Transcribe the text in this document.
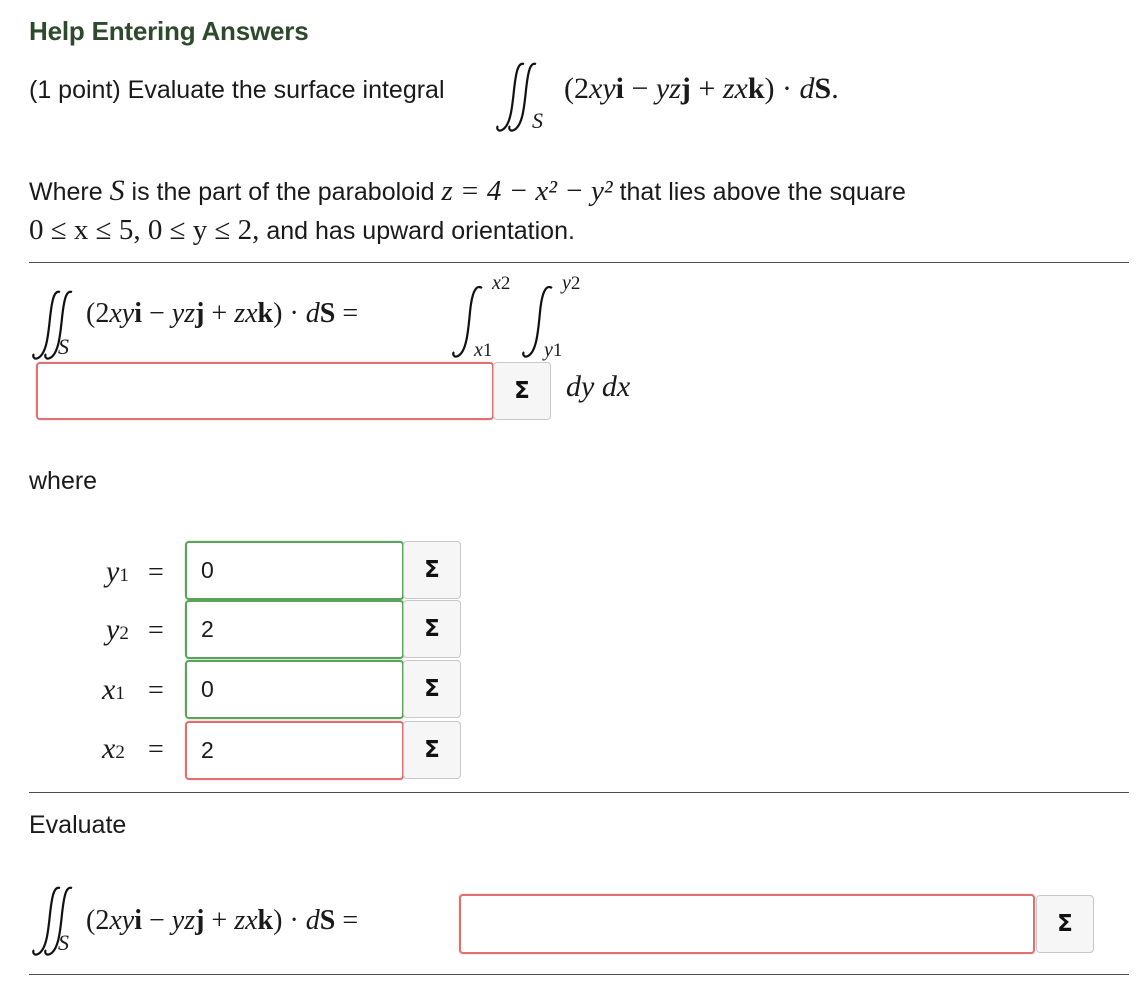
Help Entering Answers
(1 point) Evaluate the surface integral
S
(2xyi − yzj + zxk) · dS.
Where S is the part of the paraboloid z = 4 − x² − y² that lies above the square
0 ≤ x ≤ 5, 0 ≤ y ≤ 2, and has upward orientation.
S
(2xyi − yzj + zxk) · dS =
x2
x1
y2
y1
Σ	dy dx
where
y1 =
0	Σ
y2 =
2	Σ
x1 =
0	Σ
x2 =
2	Σ
Evaluate
S
(2xyi − yzj + zxk) · dS =	Σ
